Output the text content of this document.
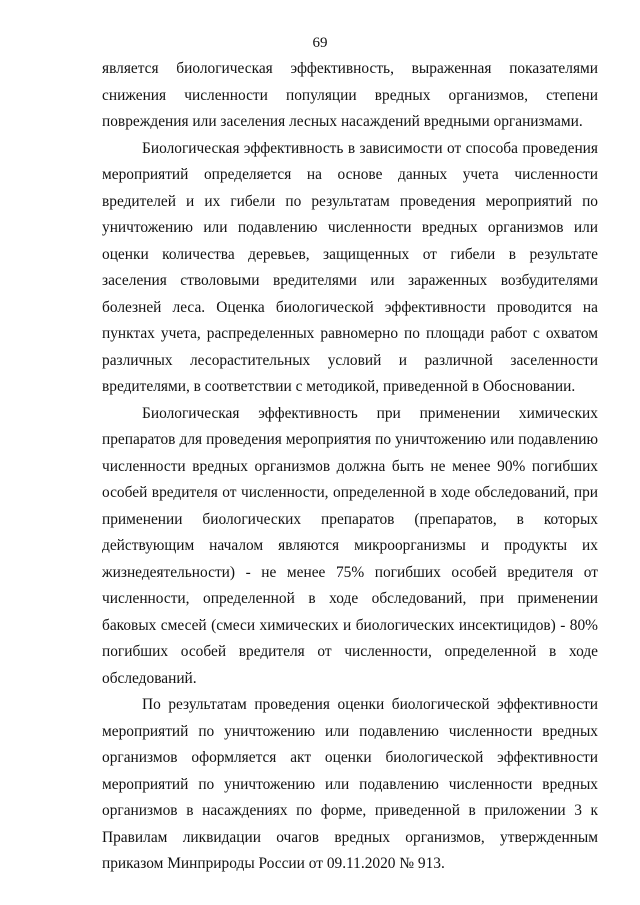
69

является биологическая эффективность, выраженная показателями снижения численности популяции вредных организмов, степени повреждения или заселения лесных насаждений вредными организмами.

Биологическая эффективность в зависимости от способа проведения мероприятий определяется на основе данных учета численности вредителей и их гибели по результатам проведения мероприятий по уничтожению или подавлению численности вредных организмов или оценки количества деревьев, защищенных от гибели в результате заселения стволовыми вредителями или зараженных возбудителями болезней леса. Оценка биологической эффективности проводится на пунктах учета, распределенных равномерно по площади работ с охватом различных лесорастительных условий и различной заселенности вредителями, в соответствии с методикой, приведенной в Обосновании.

Биологическая эффективность при применении химических препаратов для проведения мероприятия по уничтожению или подавлению численности вредных организмов должна быть не менее 90% погибших особей вредителя от численности, определенной в ходе обследований, при применении биологических препаратов (препаратов, в которых действующим началом являются микроорганизмы и продукты их жизнедеятельности) - не менее 75% погибших особей вредителя от численности, определенной в ходе обследований, при применении баковых смесей (смеси химических и биологических инсектицидов) - 80% погибших особей вредителя от численности, определенной в ходе обследований.

По результатам проведения оценки биологической эффективности мероприятий по уничтожению или подавлению численности вредных организмов оформляется акт оценки биологической эффективности мероприятий по уничтожению или подавлению численности вредных организмов в насаждениях по форме, приведенной в приложении 3 к Правилам ликвидации очагов вредных организмов, утвержденным приказом Минприроды России от 09.11.2020 № 913.
